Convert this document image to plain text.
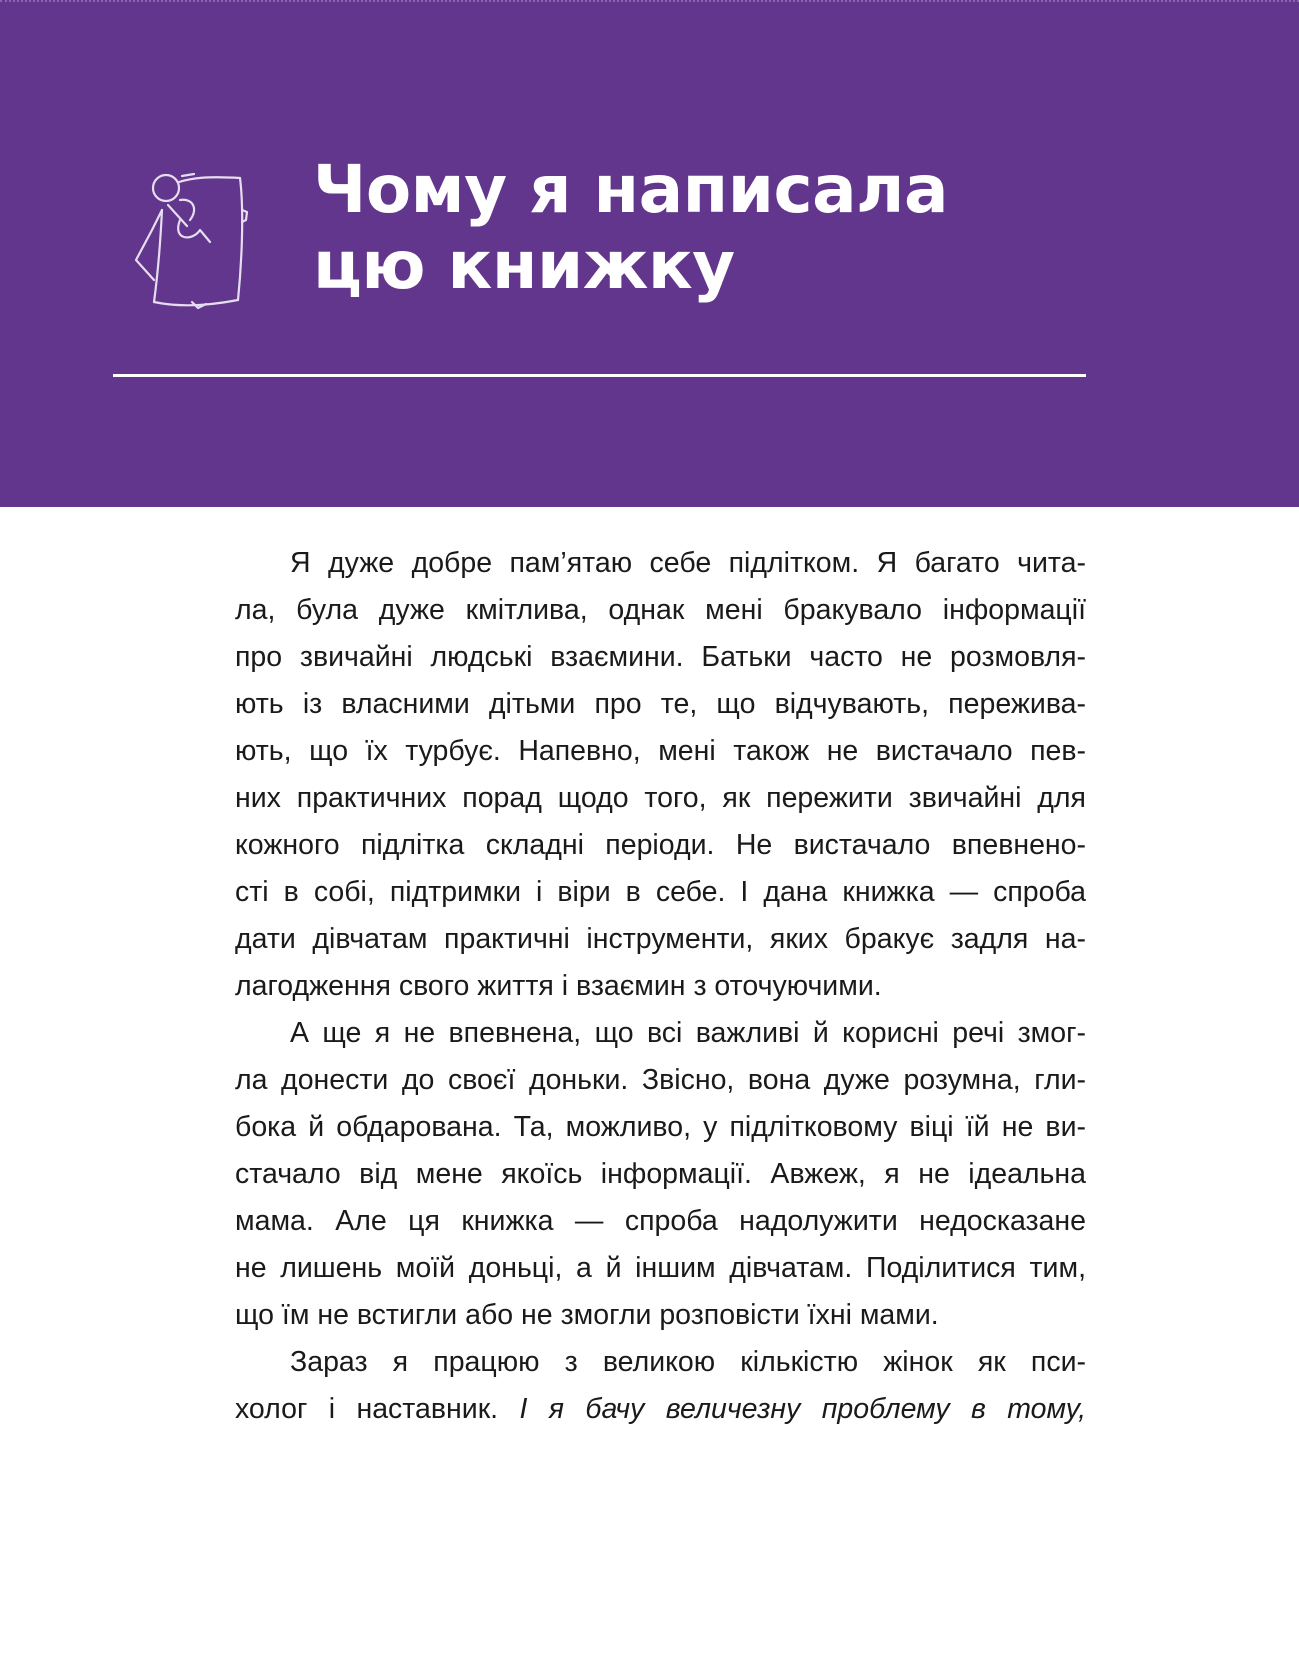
Чому я написала
цю книжку
Я дуже добре пам’ятаю себе підлітком. Я багато чита-
ла, була дуже кмітлива, однак мені бракувало інформації
про звичайні людські взаємини. Батьки часто не розмовля-
ють із власними дітьми про те, що відчувають, пережива-
ють, що їх турбує. Напевно, мені також не вистачало пев-
них практичних порад щодо того, як пережити звичайні для
кожного підлітка складні періоди. Не вистачало впевнено-
сті в собі, підтримки і віри в себе. І дана книжка — спроба
дати дівчатам практичні інструменти, яких бракує задля на-
лагодження свого життя і взаємин з оточуючими.
А ще я не впевнена, що всі важливі й корисні речі змог-
ла донести до своєї доньки. Звісно, вона дуже розумна, гли-
бока й обдарована. Та, можливо, у підлітковому віці їй не ви-
стачало від мене якоїсь інформації. Авжеж, я не ідеальна
мама. Але ця книжка — спроба надолужити недосказане
не лишень моїй доньці, а й іншим дівчатам. Поділитися тим,
що їм не встигли або не змогли розповісти їхні мами.
Зараз я працюю з великою кількістю жінок як пси-
холог і наставник. І я бачу величезну проблему в тому,
